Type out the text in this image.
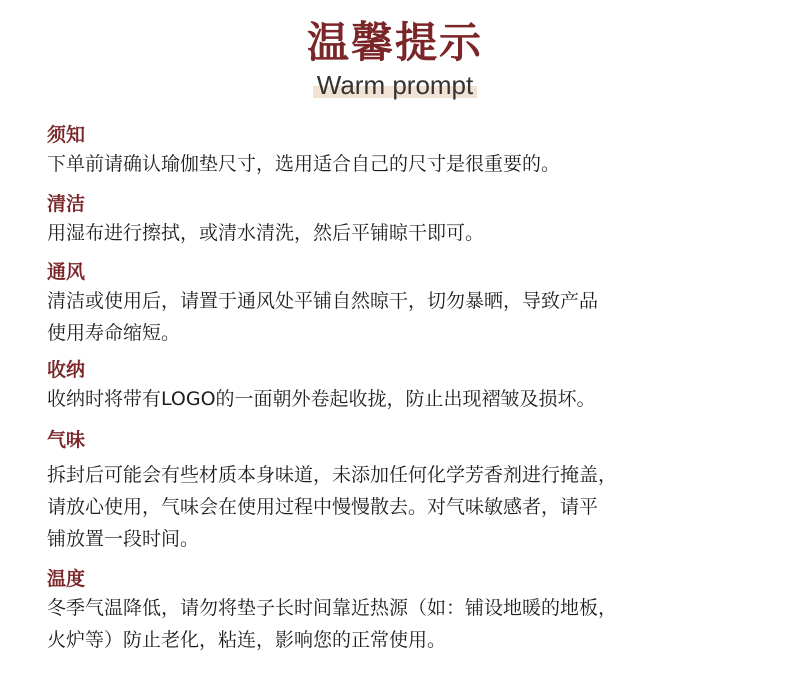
温馨提示
Warm prompt
须知
下单前请确认瑜伽垫尺寸，选用适合自己的尺寸是很重要的。
清洁
用湿布进行擦拭，或清水清洗，然后平铺晾干即可。
通风
清洁或使用后，请置于通风处平铺自然晾干，切勿暴晒，导致产品
使用寿命缩短。
收纳
收纳时将带有LOGO的一面朝外卷起收拢，防止出现褶皱及损坏。
气味
拆封后可能会有些材质本身味道，未添加任何化学芳香剂进行掩盖，
请放心使用，气味会在使用过程中慢慢散去。对气味敏感者，请平
铺放置一段时间。
温度
冬季气温降低，请勿将垫子长时间靠近热源（如：铺设地暖的地板，
火炉等）防止老化，粘连，影响您的正常使用。
